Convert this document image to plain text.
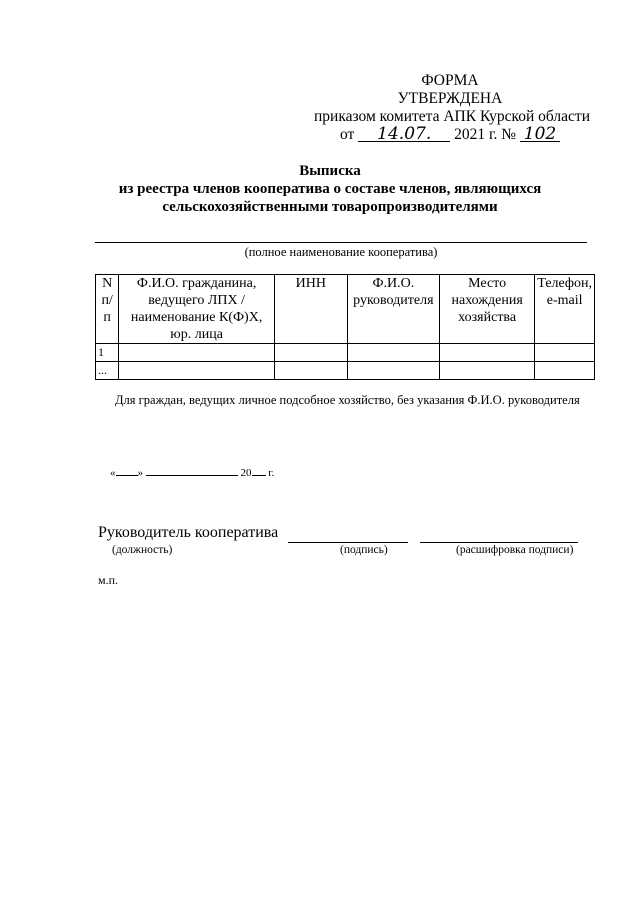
ФОРМА
УТВЕРЖДЕНА
приказом комитета АПК Курской области
от 14.07. 2021 г. № 102
Выписка
из реестра членов кооператива о составе членов, являющихся
сельскохозяйственными товаропроизводителями
(полное наименование кооператива)
N п/п	Ф.И.О. гражданина, ведущего ЛПХ / наименование К(Ф)Х, юр. лица	ИНН	Ф.И.О. руководителя	Место нахождения хозяйства	Телефон, e-mail
1					
...					
Для граждан, ведущих личное подсобное хозяйство, без указания Ф.И.О. руководителя
« »	20 г.
Руководитель кооператива
(должность)	(подпись)	(расшифровка подписи)
м.п.
